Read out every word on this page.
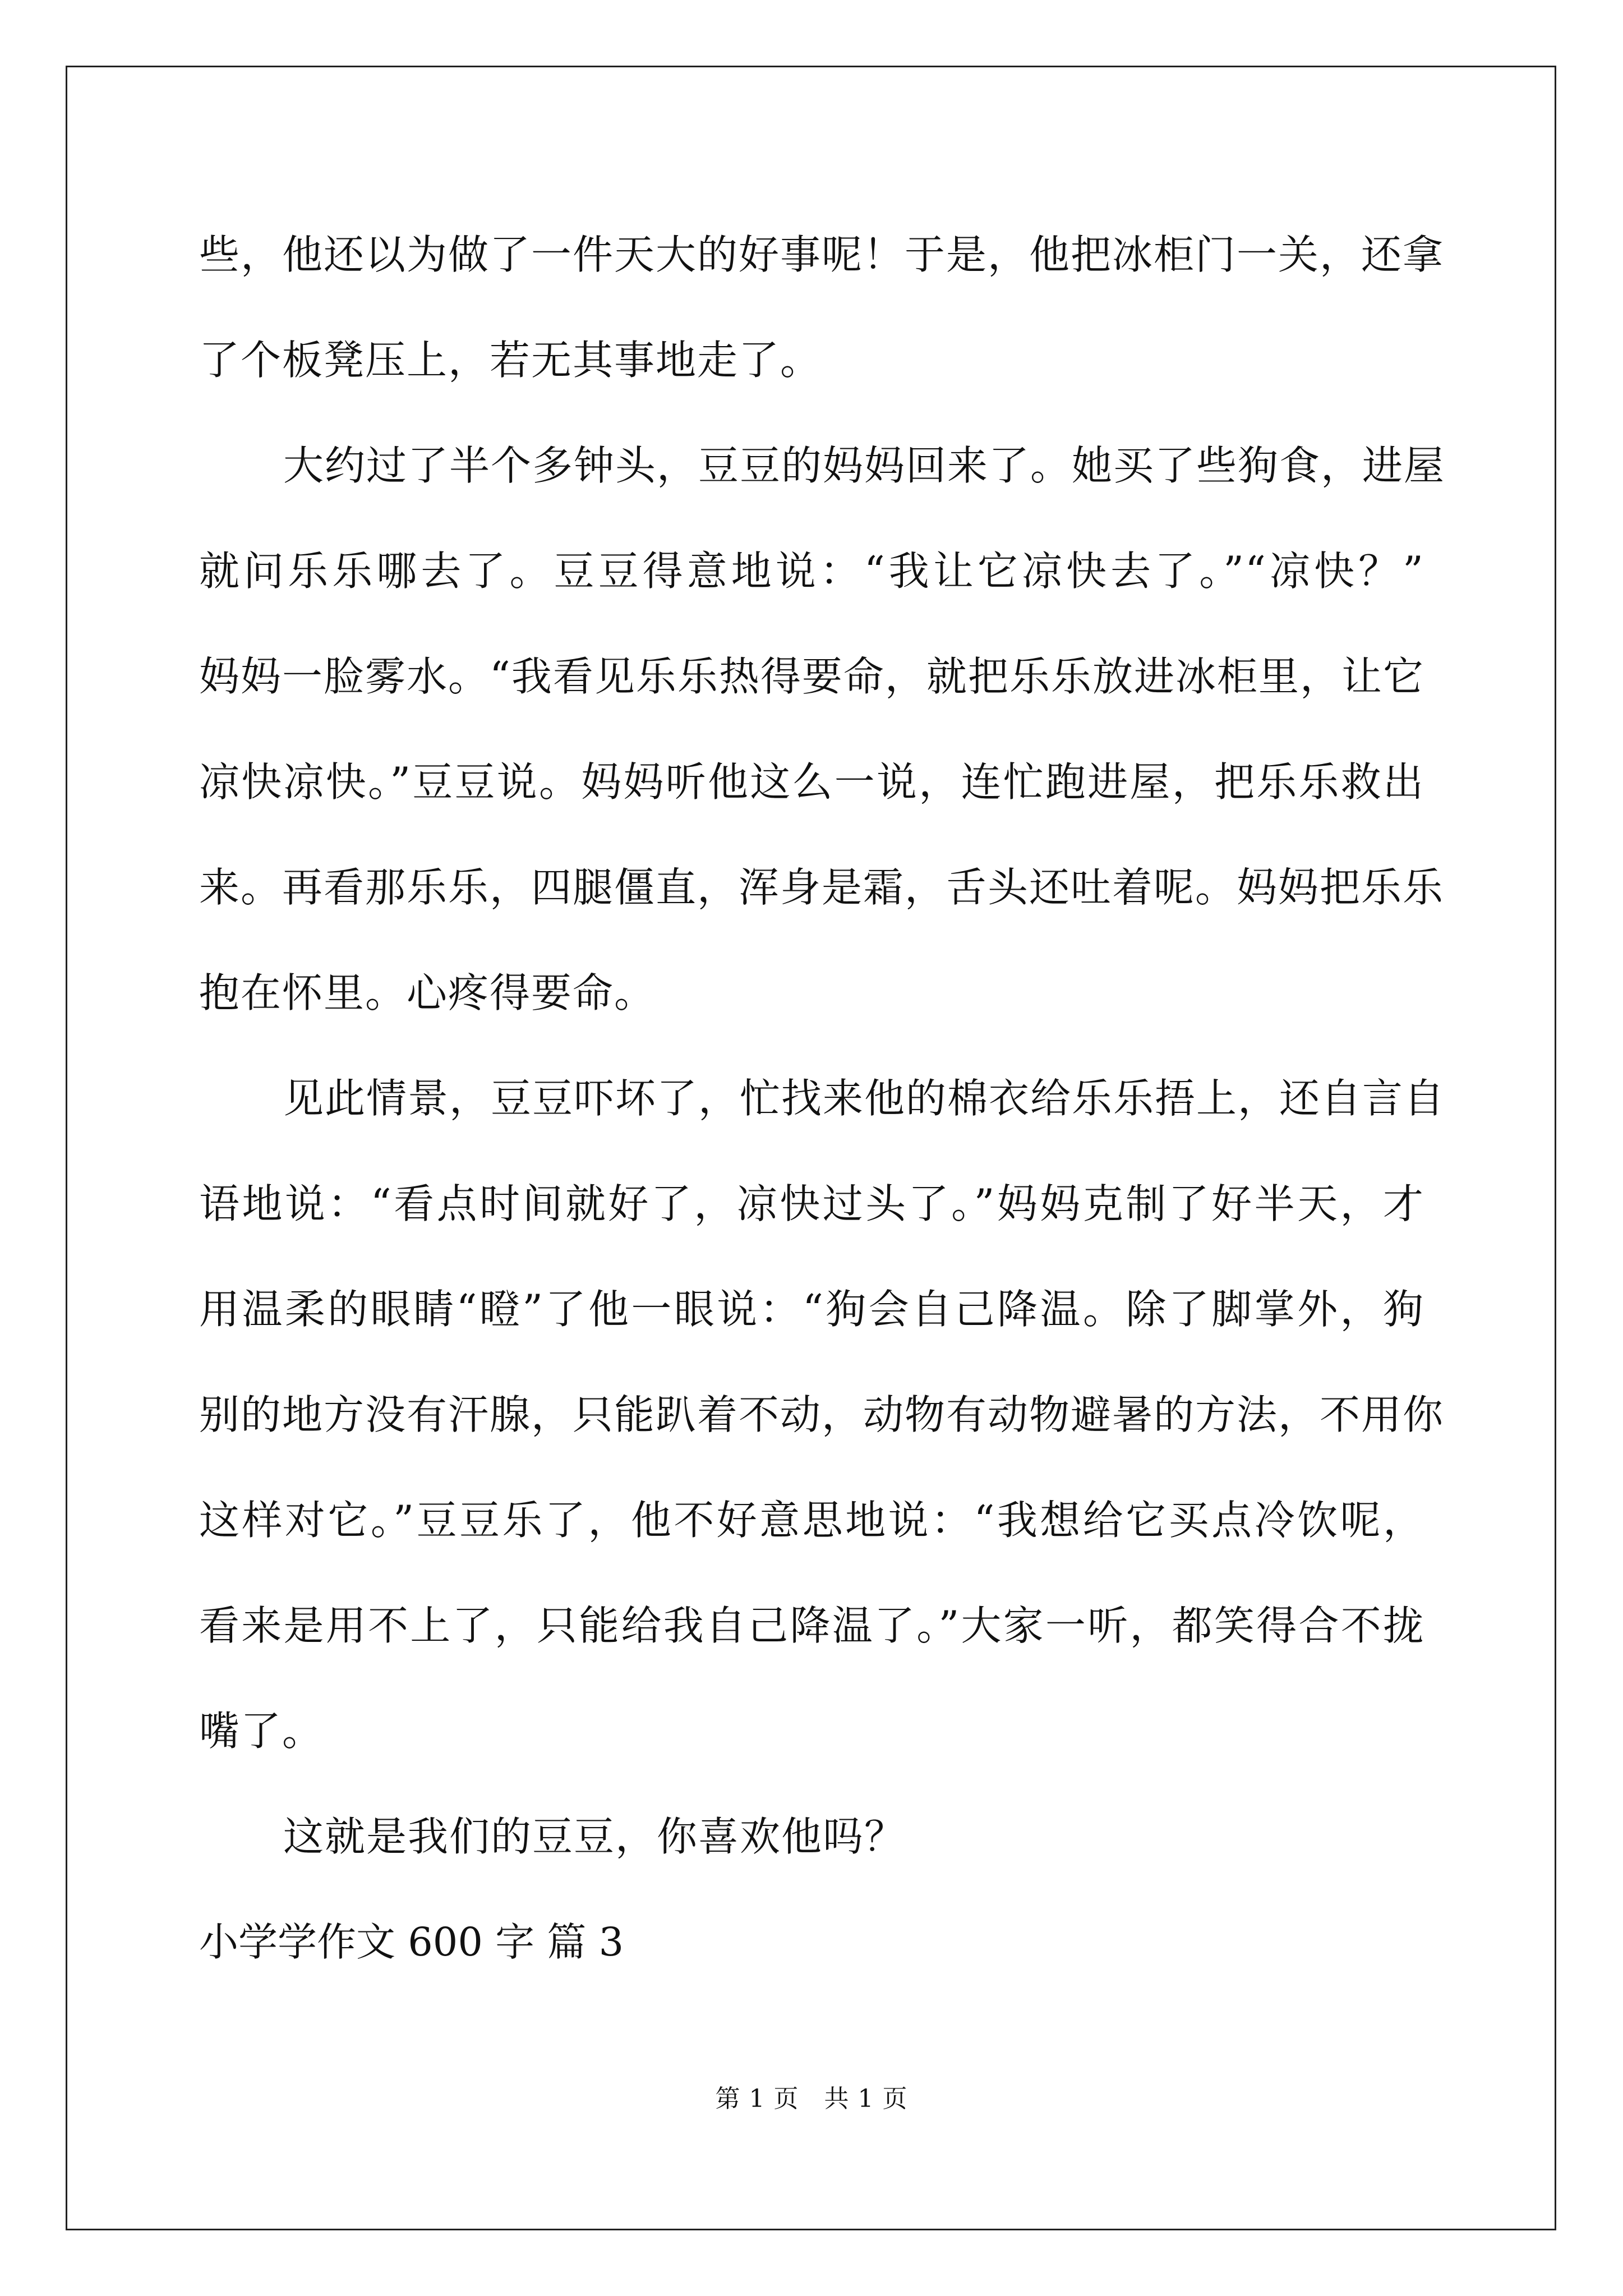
些，他还以为做了一件天大的好事呢！于是，他把冰柜门一关，还拿
了个板凳压上，若无其事地走了。
大约过了半个多钟头，豆豆的妈妈回来了。她买了些狗食，进屋
就问乐乐哪去了。豆豆得意地说：“我让它凉快去了。”“凉快？”
妈妈一脸雾水。“我看见乐乐热得要命，就把乐乐放进冰柜里，让它
凉快凉快。”豆豆说。妈妈听他这么一说，连忙跑进屋，把乐乐救出
来。再看那乐乐，四腿僵直，浑身是霜，舌头还吐着呢。妈妈把乐乐
抱在怀里。心疼得要命。
见此情景，豆豆吓坏了，忙找来他的棉衣给乐乐捂上，还自言自
语地说：“看点时间就好了，凉快过头了。”妈妈克制了好半天，才
用温柔的眼睛“瞪”了他一眼说：“狗会自己降温。除了脚掌外，狗
别的地方没有汗腺，只能趴着不动，动物有动物避暑的方法，不用你
这样对它。”豆豆乐了，他不好意思地说：“我想给它买点冷饮呢，
看来是用不上了，只能给我自己降温了。”大家一听，都笑得合不拢
嘴了。
这就是我们的豆豆，你喜欢他吗？
小学学作文 600 字 篇 3
第 1 页　共 1 页
